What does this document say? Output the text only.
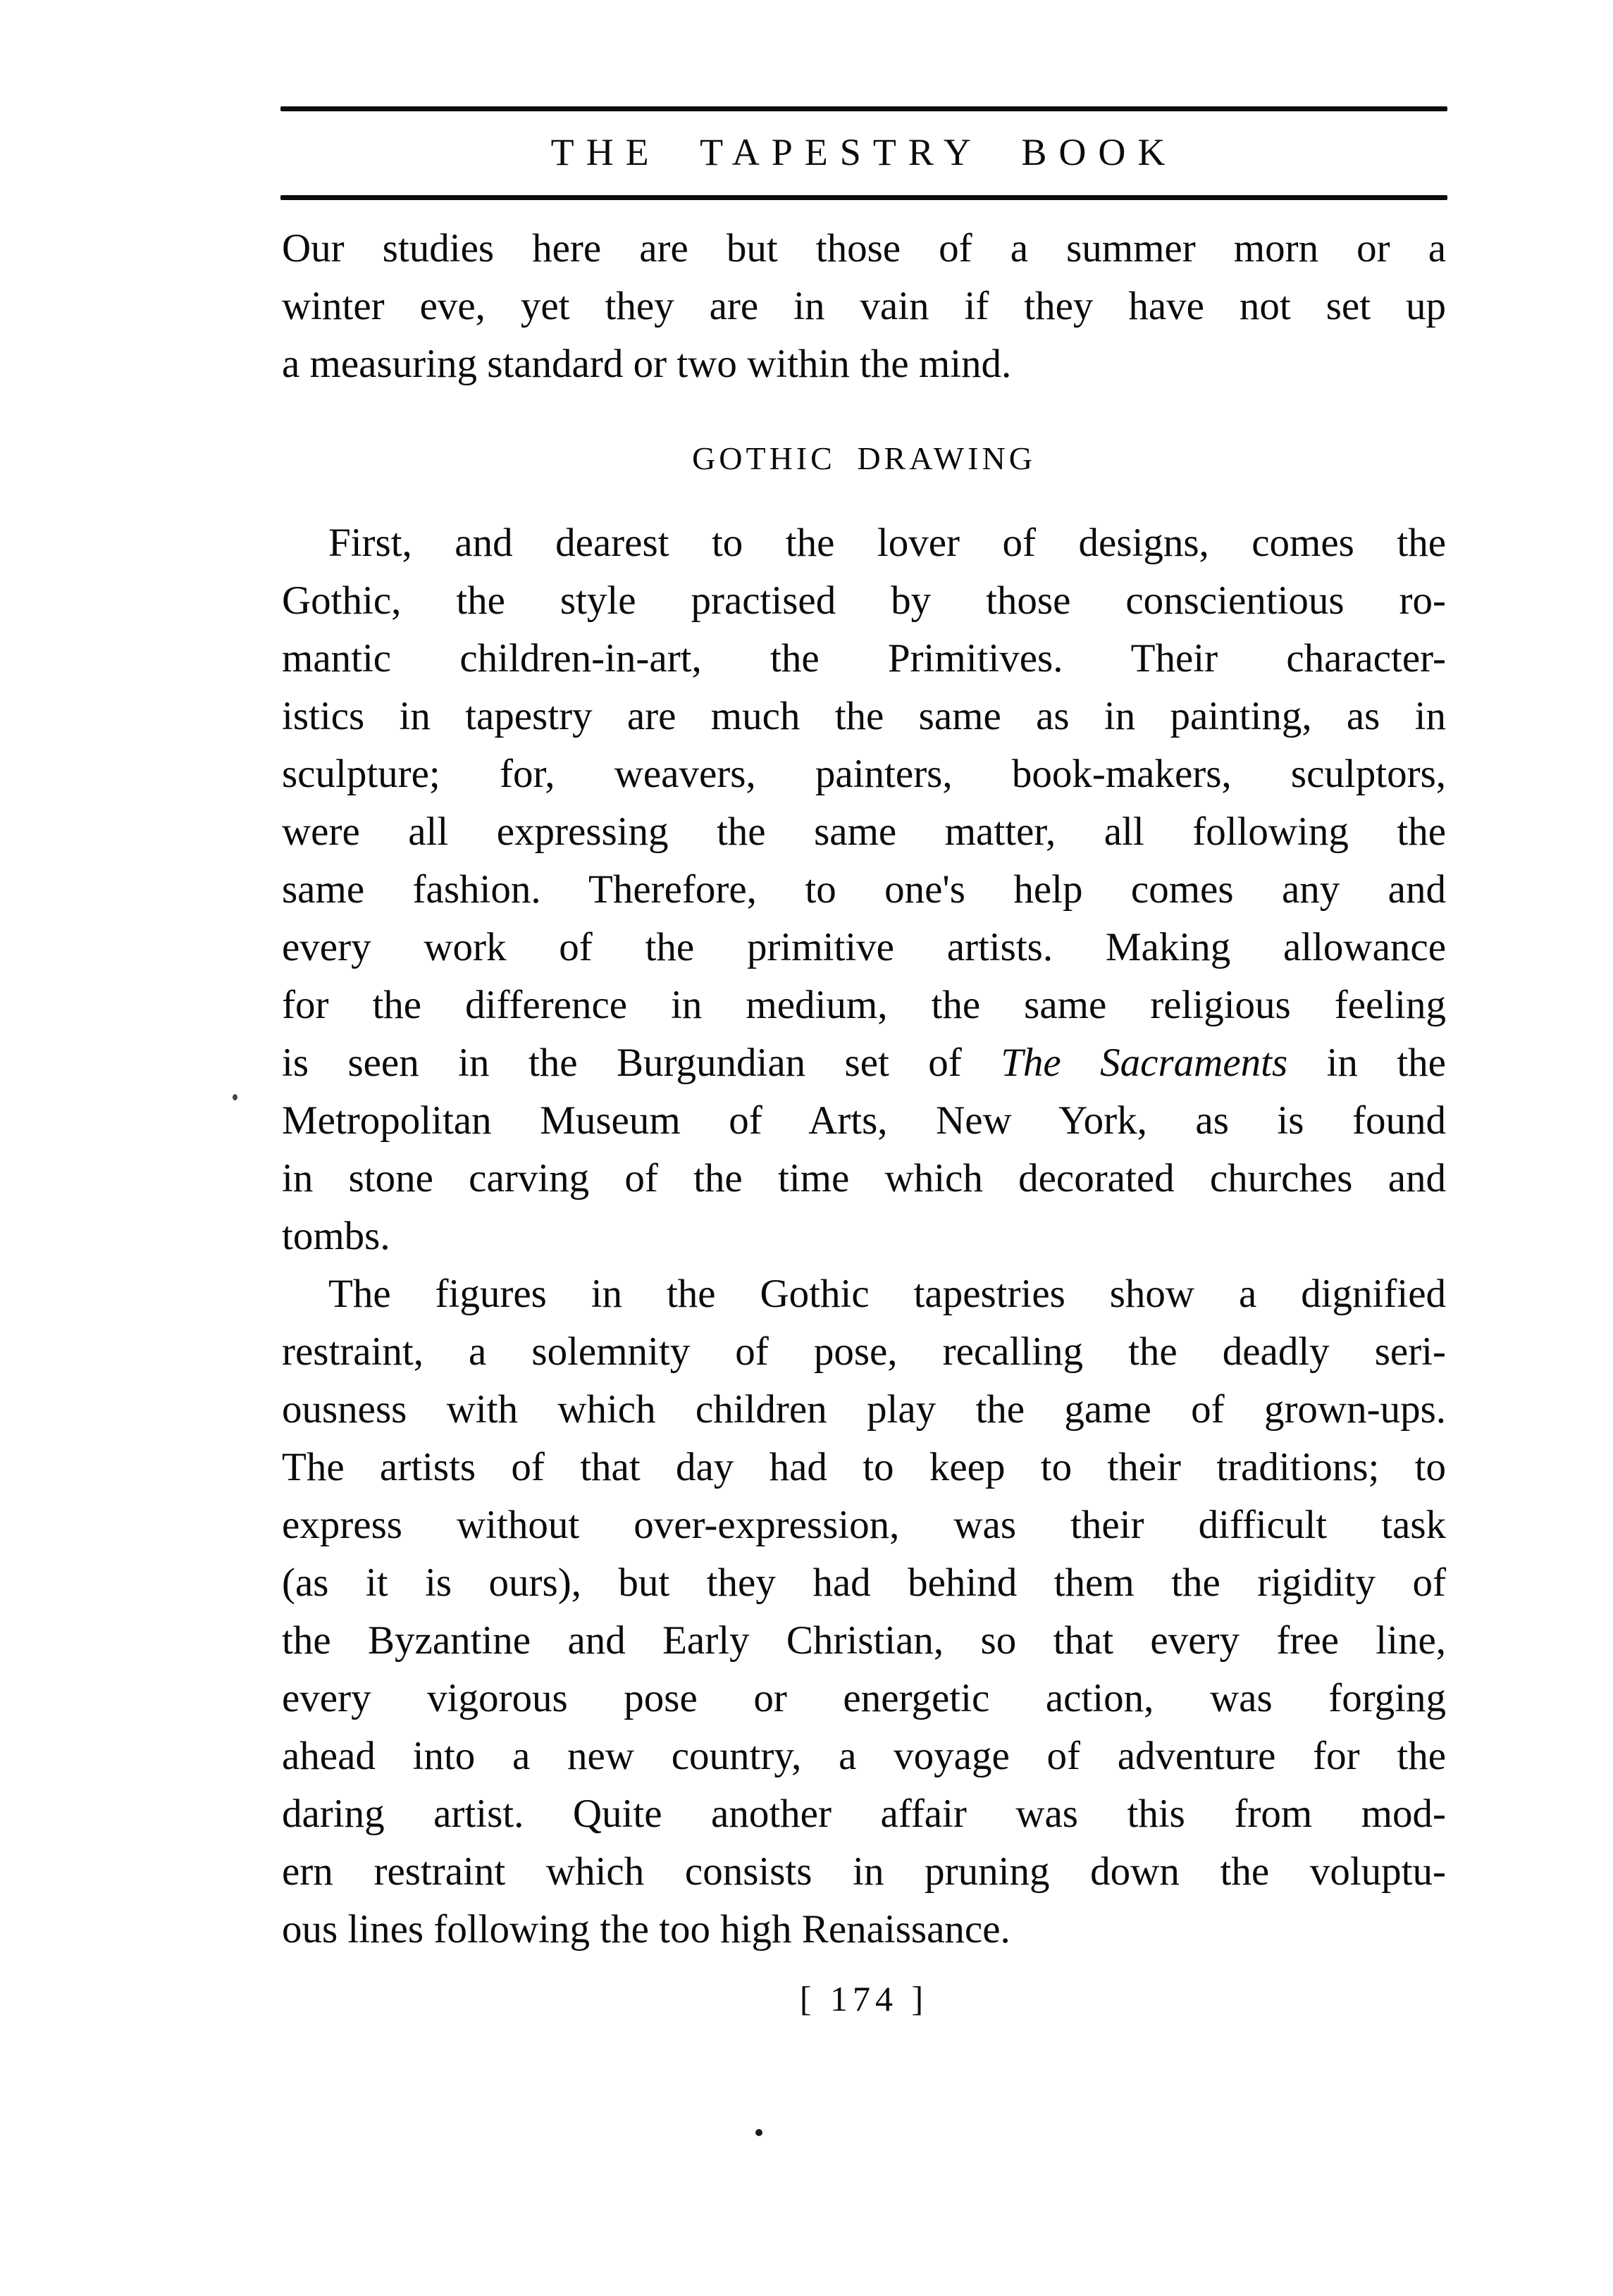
THE TAPESTRY BOOK
Our studies here are but those of a summer morn or a
winter eve, yet they are in vain if they have not set up
a measuring standard or two within the mind.
GOTHIC DRAWING
First, and dearest to the lover of designs, comes the
Gothic, the style practised by those conscientious ro-
mantic children-in-art, the Primitives. Their character-
istics in tapestry are much the same as in painting, as in
sculpture; for, weavers, painters, book-makers, sculptors,
were all expressing the same matter, all following the
same fashion. Therefore, to one's help comes any and
every work of the primitive artists. Making allowance
for the difference in medium, the same religious feeling
is seen in the Burgundian set of The Sacraments in the
Metropolitan Museum of Arts, New York, as is found
in stone carving of the time which decorated churches and
tombs.
The figures in the Gothic tapestries show a dignified
restraint, a solemnity of pose, recalling the deadly seri-
ousness with which children play the game of grown-ups.
The artists of that day had to keep to their traditions; to
express without over-expression, was their difficult task
(as it is ours), but they had behind them the rigidity of
the Byzantine and Early Christian, so that every free line,
every vigorous pose or energetic action, was forging
ahead into a new country, a voyage of adventure for the
daring artist. Quite another affair was this from mod-
ern restraint which consists in pruning down the voluptu-
ous lines following the too high Renaissance.
[ 174 ]
